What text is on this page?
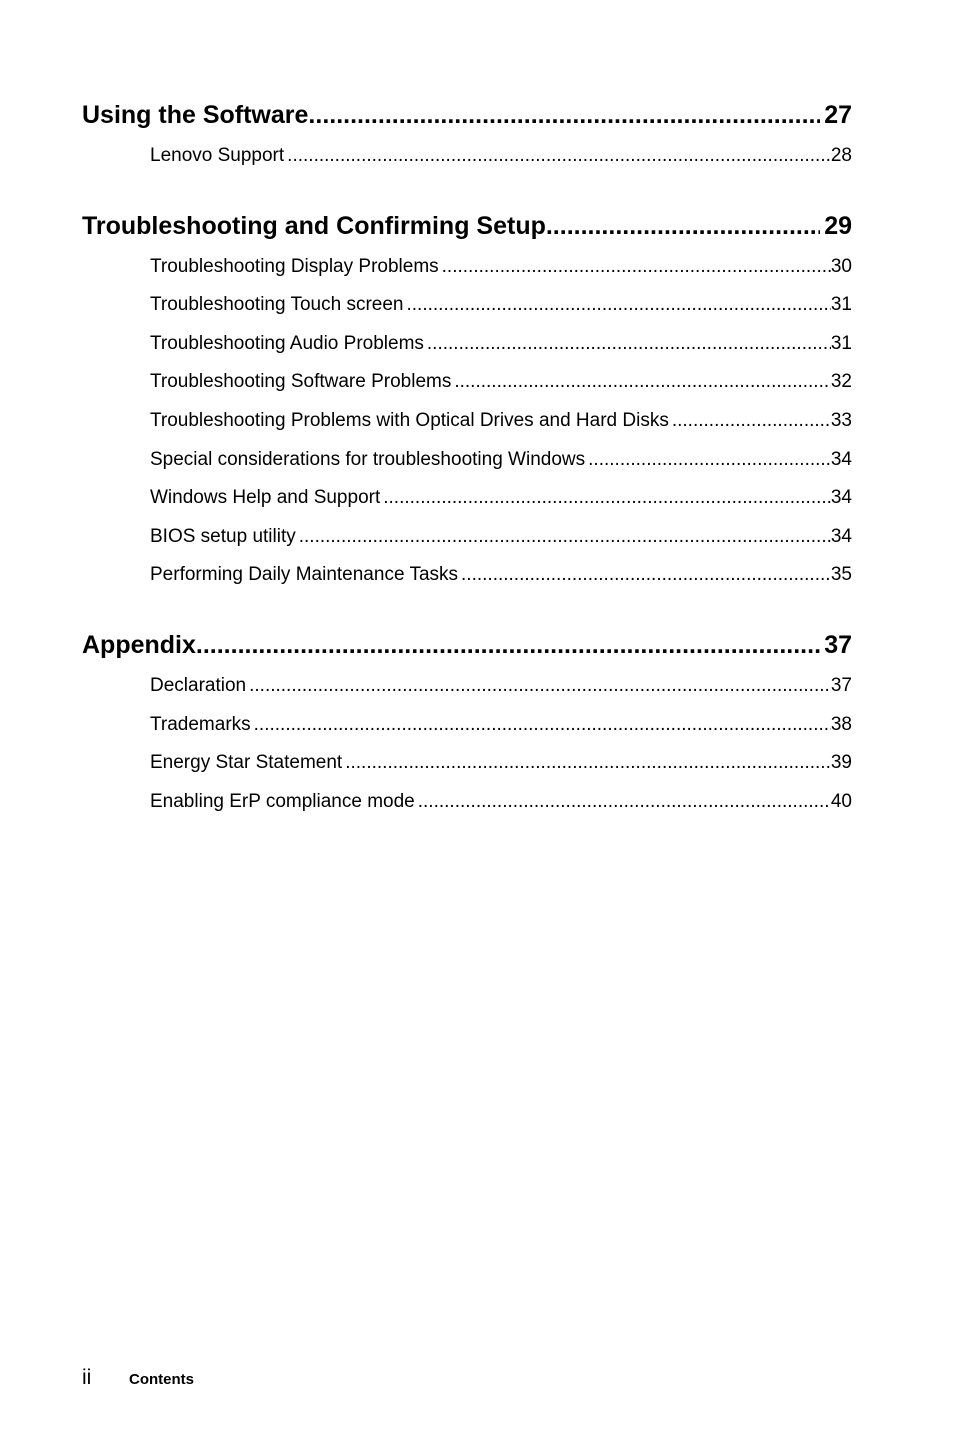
Using the Software .....	27
Lenovo Support .....	28
Troubleshooting and Confirming Setup .....	29
Troubleshooting Display Problems .....	30
Troubleshooting Touch screen .....	31
Troubleshooting Audio Problems .....	31
Troubleshooting Software Problems .....	32
Troubleshooting Problems with Optical Drives and Hard Disks .....	33
Special considerations for troubleshooting Windows .....	34
Windows Help and Support .....	34
BIOS setup utility .....	34
Performing Daily Maintenance Tasks .....	35
Appendix. .....	37
Declaration .....	37
Trademarks .....	38
Energy Star Statement .....	39
Enabling ErP compliance mode .....	40
ii	Contents
